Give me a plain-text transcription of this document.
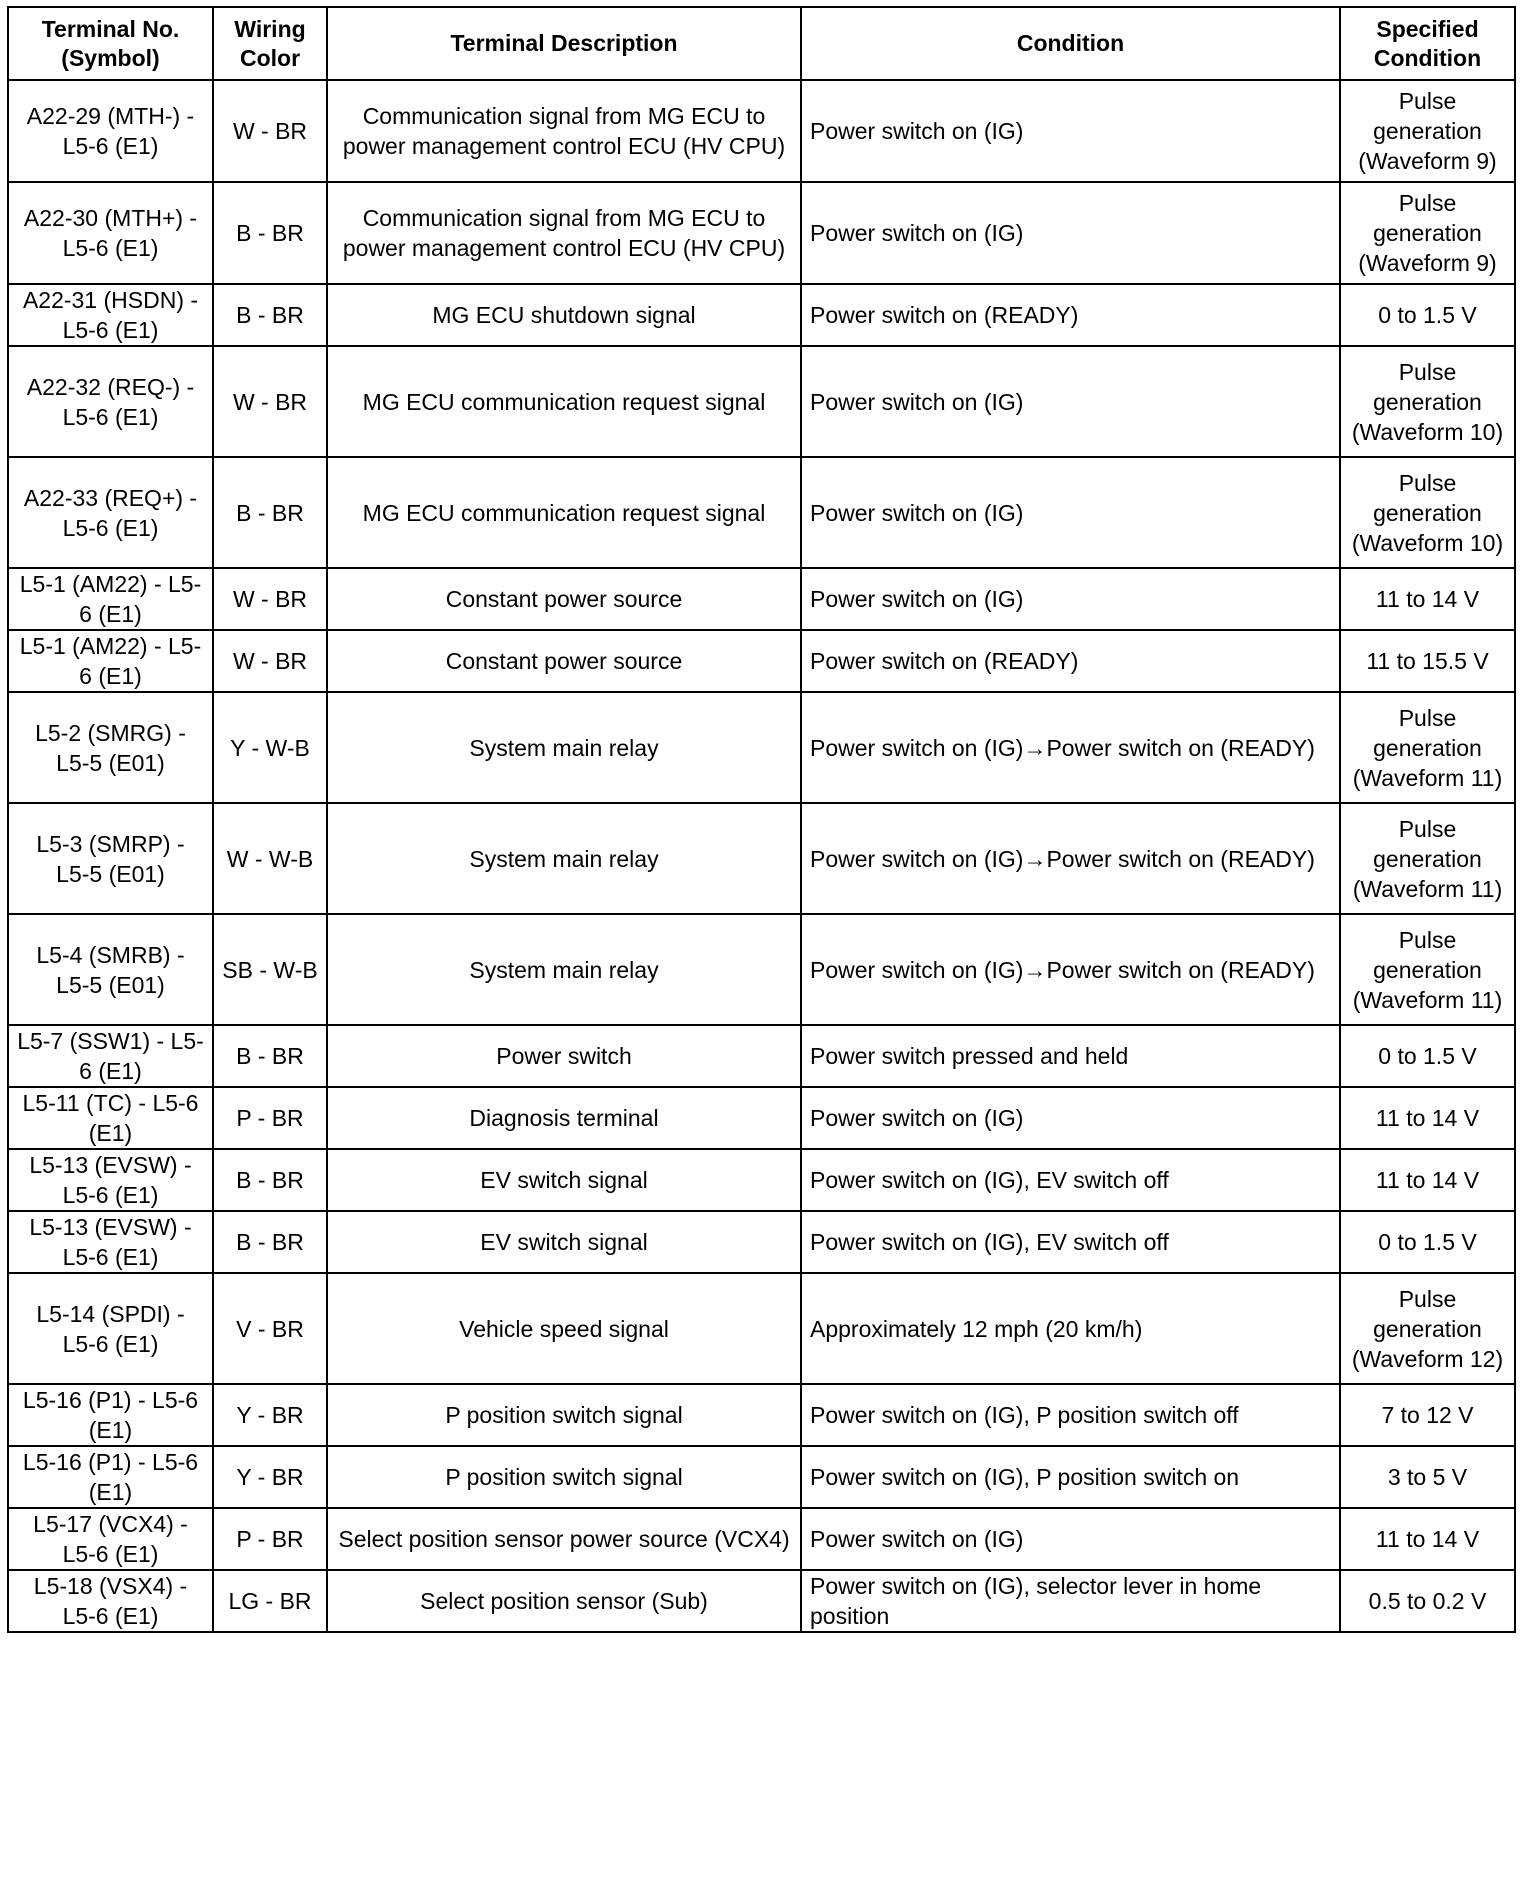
Terminal No. (Symbol)	Wiring Color	Terminal Description	Condition	Specified Condition
A22-29 (MTH-) - L5-6 (E1)	W - BR	Communication signal from MG ECU to power management control ECU (HV CPU)	Power switch on (IG)	Pulse generation (Waveform 9)
A22-30 (MTH+) - L5-6 (E1)	B - BR	Communication signal from MG ECU to power management control ECU (HV CPU)	Power switch on (IG)	Pulse generation (Waveform 9)
A22-31 (HSDN) - L5-6 (E1)	B - BR	MG ECU shutdown signal	Power switch on (READY)	0 to 1.5 V
A22-32 (REQ-) - L5-6 (E1)	W - BR	MG ECU communication request signal	Power switch on (IG)	Pulse generation (Waveform 10)
A22-33 (REQ+) - L5-6 (E1)	B - BR	MG ECU communication request signal	Power switch on (IG)	Pulse generation (Waveform 10)
L5-1 (AM22) - L5-6 (E1)	W - BR	Constant power source	Power switch on (IG)	11 to 14 V
L5-1 (AM22) - L5-6 (E1)	W - BR	Constant power source	Power switch on (READY)	11 to 15.5 V
L5-2 (SMRG) - L5-5 (E01)	Y - W-B	System main relay	Power switch on (IG)→Power switch on (READY)	Pulse generation (Waveform 11)
L5-3 (SMRP) - L5-5 (E01)	W - W-B	System main relay	Power switch on (IG)→Power switch on (READY)	Pulse generation (Waveform 11)
L5-4 (SMRB) - L5-5 (E01)	SB - W-B	System main relay	Power switch on (IG)→Power switch on (READY)	Pulse generation (Waveform 11)
L5-7 (SSW1) - L5-6 (E1)	B - BR	Power switch	Power switch pressed and held	0 to 1.5 V
L5-11 (TC) - L5-6 (E1)	P - BR	Diagnosis terminal	Power switch on (IG)	11 to 14 V
L5-13 (EVSW) - L5-6 (E1)	B - BR	EV switch signal	Power switch on (IG), EV switch off	11 to 14 V
L5-13 (EVSW) - L5-6 (E1)	B - BR	EV switch signal	Power switch on (IG), EV switch off	0 to 1.5 V
L5-14 (SPDI) - L5-6 (E1)	V - BR	Vehicle speed signal	Approximately 12 mph (20 km/h)	Pulse generation (Waveform 12)
L5-16 (P1) - L5-6 (E1)	Y - BR	P position switch signal	Power switch on (IG), P position switch off	7 to 12 V
L5-16 (P1) - L5-6 (E1)	Y - BR	P position switch signal	Power switch on (IG), P position switch on	3 to 5 V
L5-17 (VCX4) - L5-6 (E1)	P - BR	Select position sensor power source (VCX4)	Power switch on (IG)	11 to 14 V
L5-18 (VSX4) - L5-6 (E1)	LG - BR	Select position sensor (Sub)	Power switch on (IG), selector lever in home position	0.5 to 0.2 V
